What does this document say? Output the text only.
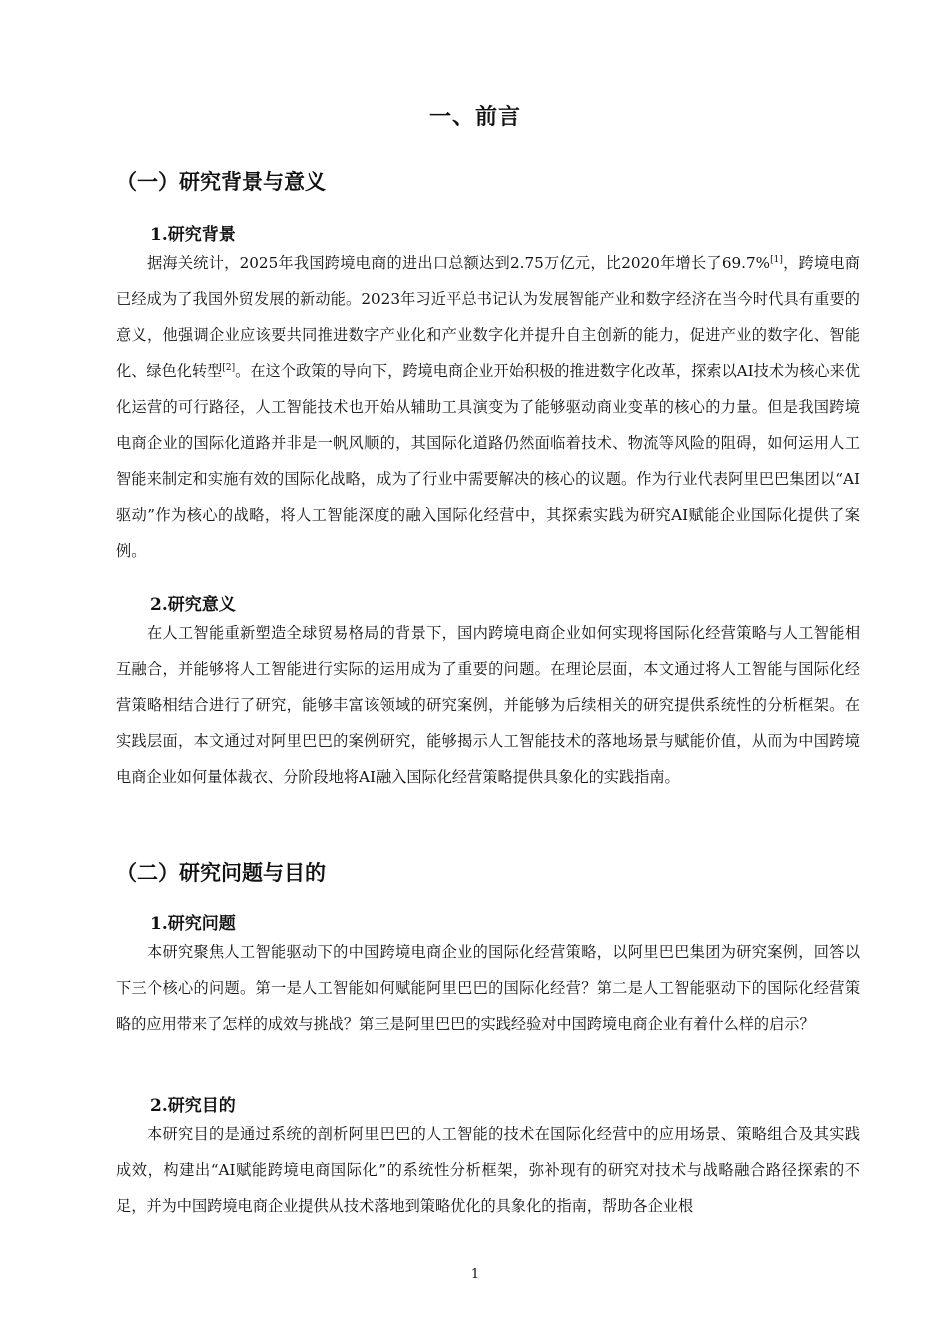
一、前言
（一）研究背景与意义
1.研究背景
据海关统计，2025年我国跨境电商的进出口总额达到2.75万亿元，比2020年增长了69.7%[1]，跨境电商已经成为了我国外贸发展的新动能。2023年习近平总书记认为发展智能产业和数字经济在当今时代具有重要的意义，他强调企业应该要共同推进数字产业化和产业数字化并提升自主创新的能力，促进产业的数字化、智能化、绿色化转型[2]。在这个政策的导向下，跨境电商企业开始积极的推进数字化改革，探索以AI技术为核心来优化运营的可行路径，人工智能技术也开始从辅助工具演变为了能够驱动商业变革的核心的力量。但是我国跨境电商企业的国际化道路并非是一帆风顺的，其国际化道路仍然面临着技术、物流等风险的阻碍，如何运用人工智能来制定和实施有效的国际化战略，成为了行业中需要解决的核心的议题。作为行业代表阿里巴巴集团以“AI驱动”作为核心的战略，将人工智能深度的融入国际化经营中，其探索实践为研究AI赋能企业国际化提供了案例。
2.研究意义
在人工智能重新塑造全球贸易格局的背景下，国内跨境电商企业如何实现将国际化经营策略与人工智能相互融合，并能够将人工智能进行实际的运用成为了重要的问题。在理论层面，本文通过将人工智能与国际化经营策略相结合进行了研究，能够丰富该领域的研究案例，并能够为后续相关的研究提供系统性的分析框架。在实践层面，本文通过对阿里巴巴的案例研究，能够揭示人工智能技术的落地场景与赋能价值，从而为中国跨境电商企业如何量体裁衣、分阶段地将AI融入国际化经营策略提供具象化的实践指南。
（二）研究问题与目的
1.研究问题
本研究聚焦人工智能驱动下的中国跨境电商企业的国际化经营策略，以阿里巴巴集团为研究案例，回答以下三个核心的问题。第一是人工智能如何赋能阿里巴巴的国际化经营？第二是人工智能驱动下的国际化经营策略的应用带来了怎样的成效与挑战？第三是阿里巴巴的实践经验对中国跨境电商企业有着什么样的启示？
2.研究目的
本研究目的是通过系统的剖析阿里巴巴的人工智能的技术在国际化经营中的应用场景、策略组合及其实践成效，构建出“AI赋能跨境电商国际化”的系统性分析框架，弥补现有的研究对技术与战略融合路径探索的不足，并为中国跨境电商企业提供从技术落地到策略优化的具象化的指南，帮助各企业根
1
